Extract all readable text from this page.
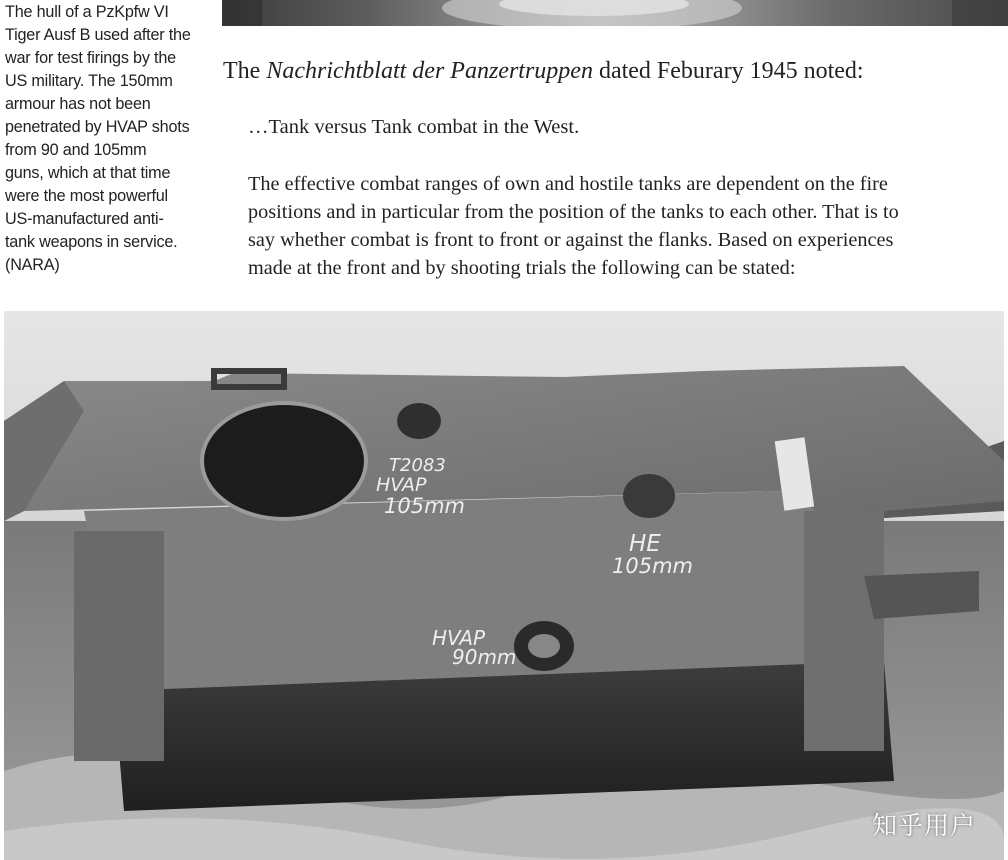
The hull of a PzKpfw VI
Tiger Ausf B used after the
war for test firings by the
US military. The 150mm
armour has not been
penetrated by HVAP shots
from 90 and 105mm
guns, which at that time
were the most powerful
US-manufactured anti-
tank weapons in service.
(NARA)
The Nachrichtblatt der Panzertruppen dated Feburary 1945 noted:
…Tank versus Tank combat in the West.
The effective combat ranges of own and hostile tanks are dependent on the fire
positions and in particular from the position of the tanks to each other. That is to
say whether combat is front to front or against the flanks. Based on experiences
made at the front and by shooting trials the following can be stated:
T2083
HVAP
105mm
HE
105mm
HVAP
90mm
知乎用户
